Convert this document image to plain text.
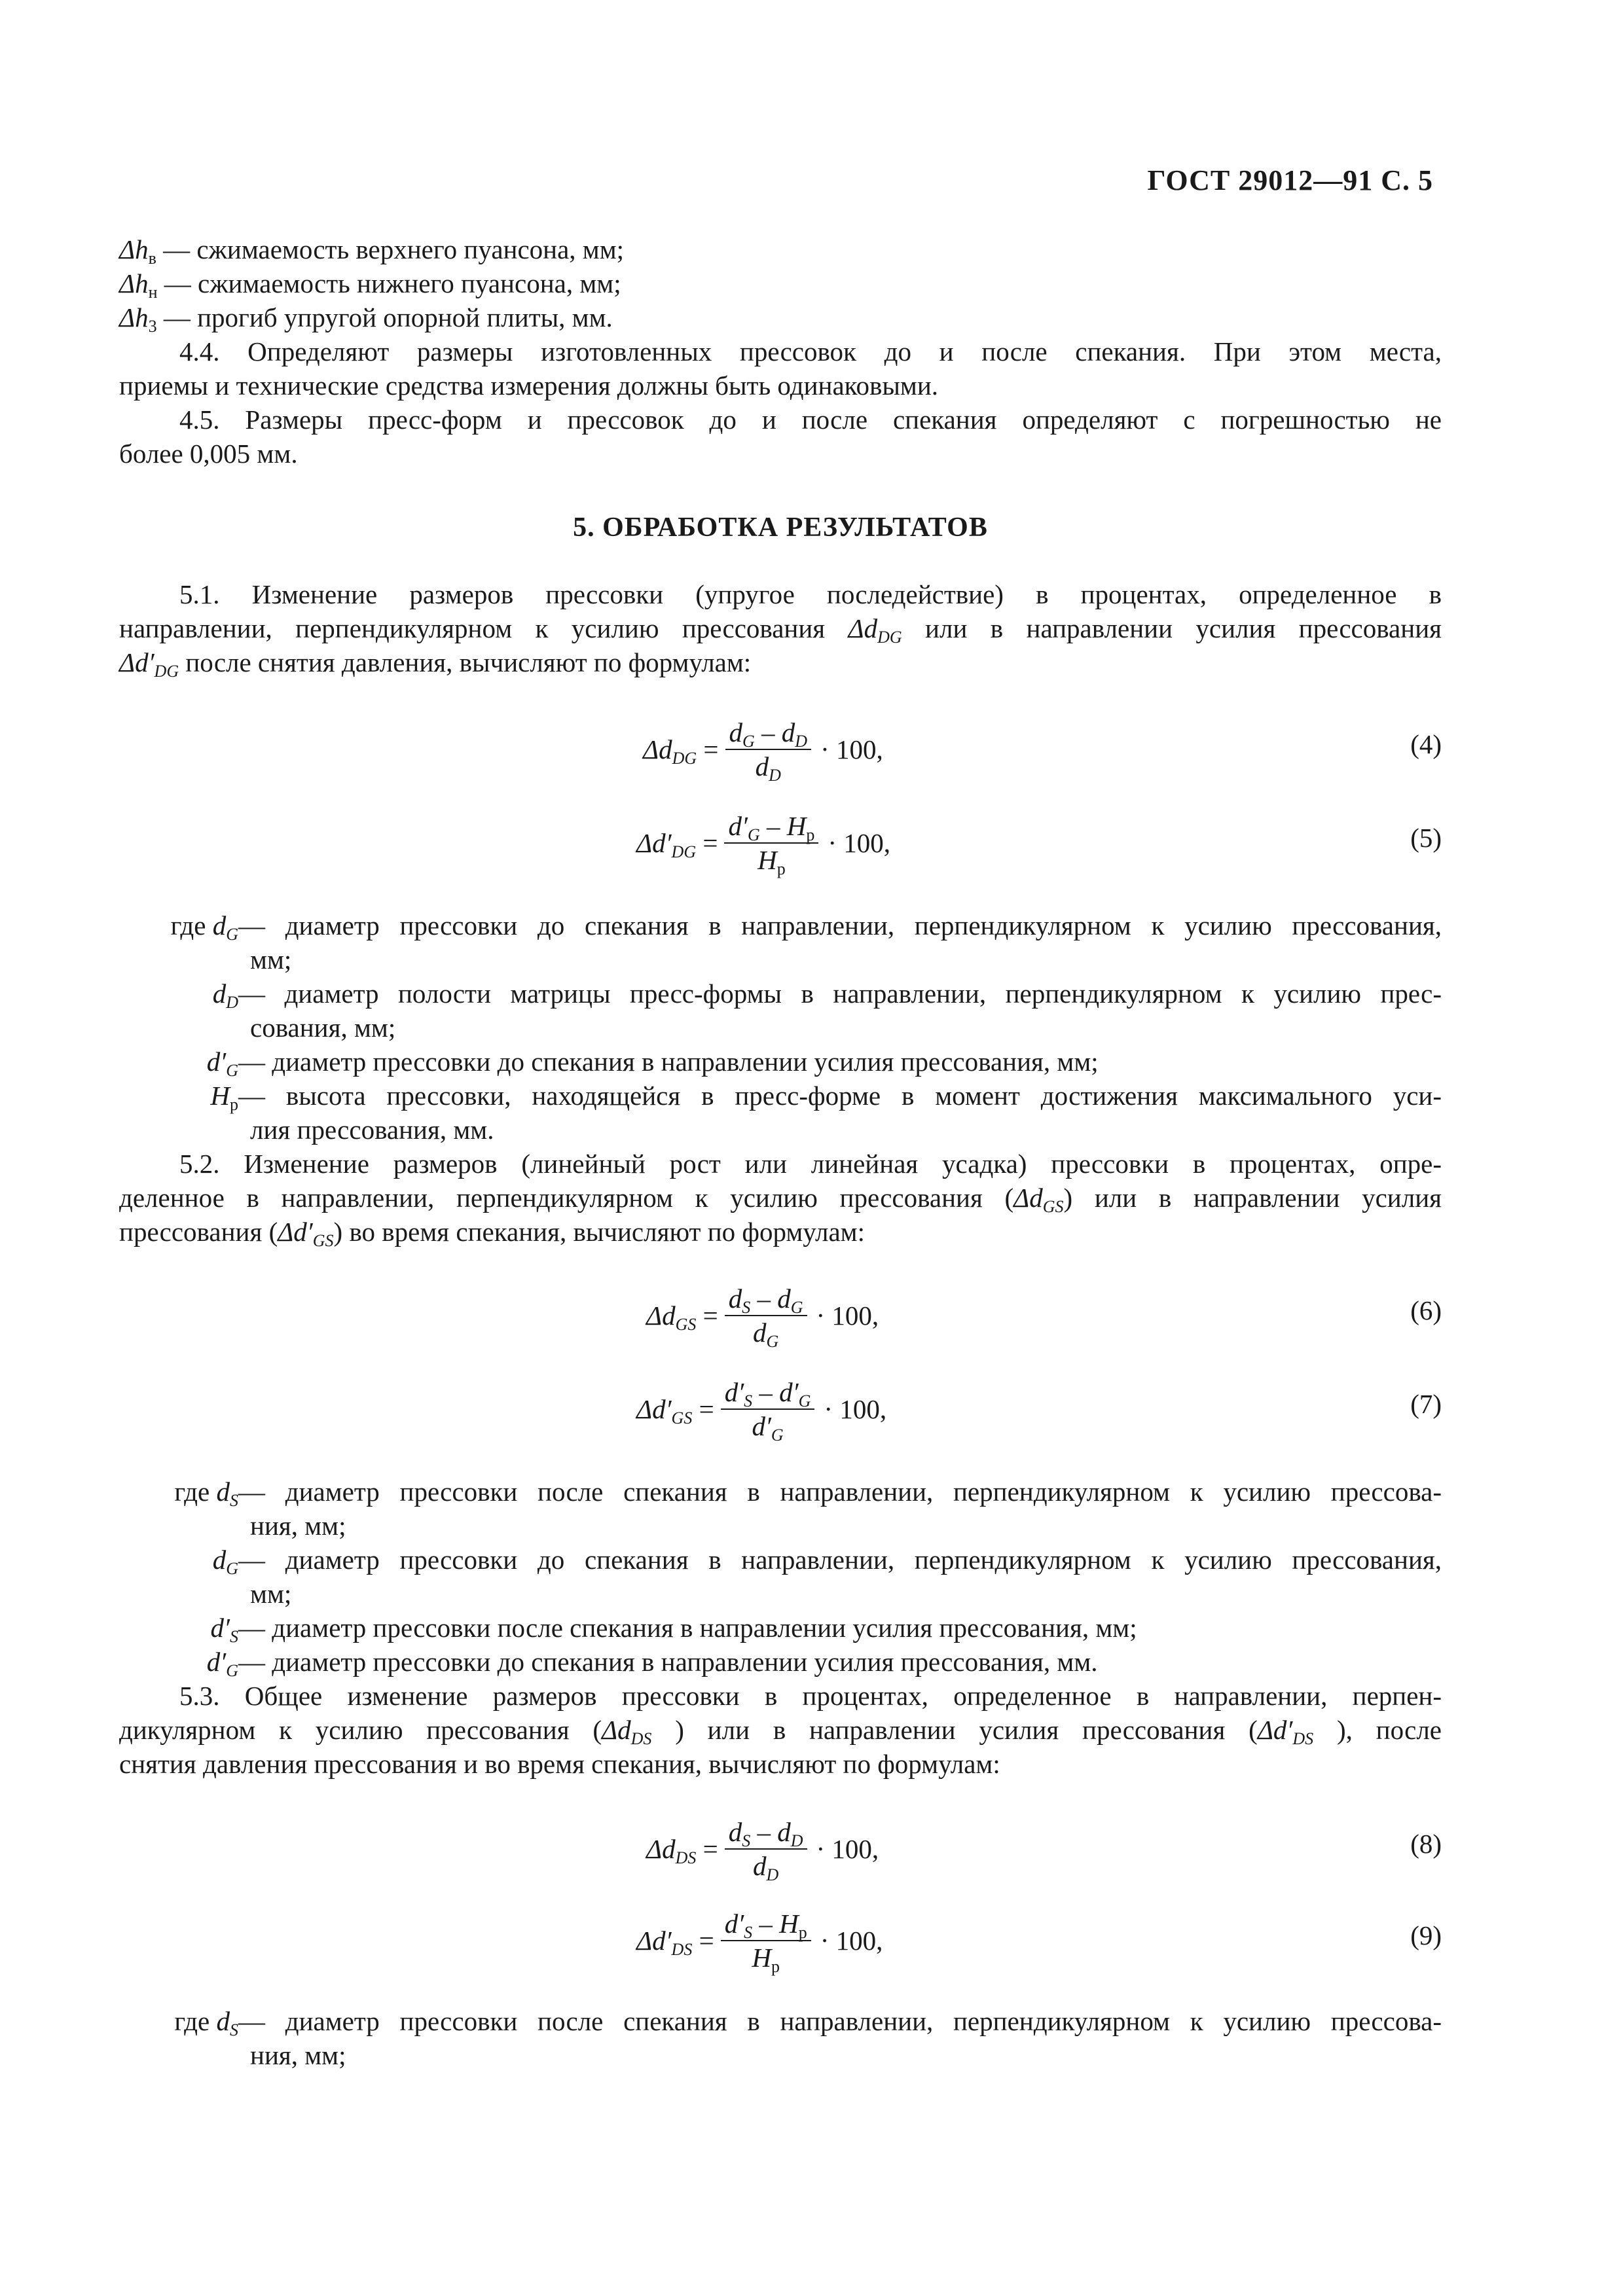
ГОСТ 29012—91 С. 5
$\Delta h_в$ — сжимаемость верхнего пуансона, мм;
$\Delta h_н$ — сжимаемость нижнего пуансона, мм;
$\Delta h_3$ — прогиб упругой опорной плиты, мм.
4.4. Определяют размеры изготовленных прессовок до и после спекания. При этом места,
приемы и технические средства измерения должны быть одинаковыми.
4.5. Размеры пресс-форм и прессовок до и после спекания определяют с погрешностью не
более 0,005 мм.
5. ОБРАБОТКА РЕЗУЛЬТАТОВ
5.1. Изменение размеров прессовки (упругое последействие) в процентах, определенное в
направлении, перпендикулярном к усилию прессования $\Delta d_{DG}$ или в направлении усилия прессования
$\Delta d'_{DG}$ после снятия давления, вычисляют по формулам:
$\Delta d_{DG} = \frac{d_G - d_D}{d_D} \cdot 100$,	(4)
$\Delta d'_{DG} = \frac{d'_G - H_р}{H_р} \cdot 100$,	(5)
где $d_G$ — диаметр прессовки до спекания в направлении, перпендикулярном к усилию прессования,
мм;
$d_D$ — диаметр полости матрицы пресс-формы в направлении, перпендикулярном к усилию прес-
сования, мм;
$d'_G$ — диаметр прессовки до спекания в направлении усилия прессования, мм;
$H_р$ — высота прессовки, находящейся в пресс-форме в момент достижения максимального уси-
лия прессования, мм.
5.2. Изменение размеров (линейный рост или линейная усадка) прессовки в процентах, опре-
деленное в направлении, перпендикулярном к усилию прессования $(\Delta d_{GS})$ или в направлении усилия
прессования $(\Delta d'_{GS})$ во время спекания, вычисляют по формулам:
$\Delta d_{GS} = \frac{d_S - d_G}{d_G} \cdot 100$,	(6)
$\Delta d'_{GS} = \frac{d'_S - d'_G}{d'_G} \cdot 100$,	(7)
где $d_S$ — диаметр прессовки после спекания в направлении, перпендикулярном к усилию прессова-
ния, мм;
$d_G$ — диаметр прессовки до спекания в направлении, перпендикулярном к усилию прессования,
мм;
$d'_S$ — диаметр прессовки после спекания в направлении усилия прессования, мм;
$d'_G$ — диаметр прессовки до спекания в направлении усилия прессования, мм.
5.3. Общее изменение размеров прессовки в процентах, определенное в направлении, перпен-
дикулярном к усилию прессования ($\Delta d_{DS}$ ) или в направлении усилия прессования ($\Delta d'_{DS}$ ), после
снятия давления прессования и во время спекания, вычисляют по формулам:
$\Delta d_{DS} = \frac{d_S - d_D}{d_D} \cdot 100$,	(8)
$\Delta d'_{DS} = \frac{d'_S - H_р}{H_р} \cdot 100$,	(9)
где $d_S$ — диаметр прессовки после спекания в направлении, перпендикулярном к усилию прессова-
ния, мм;
